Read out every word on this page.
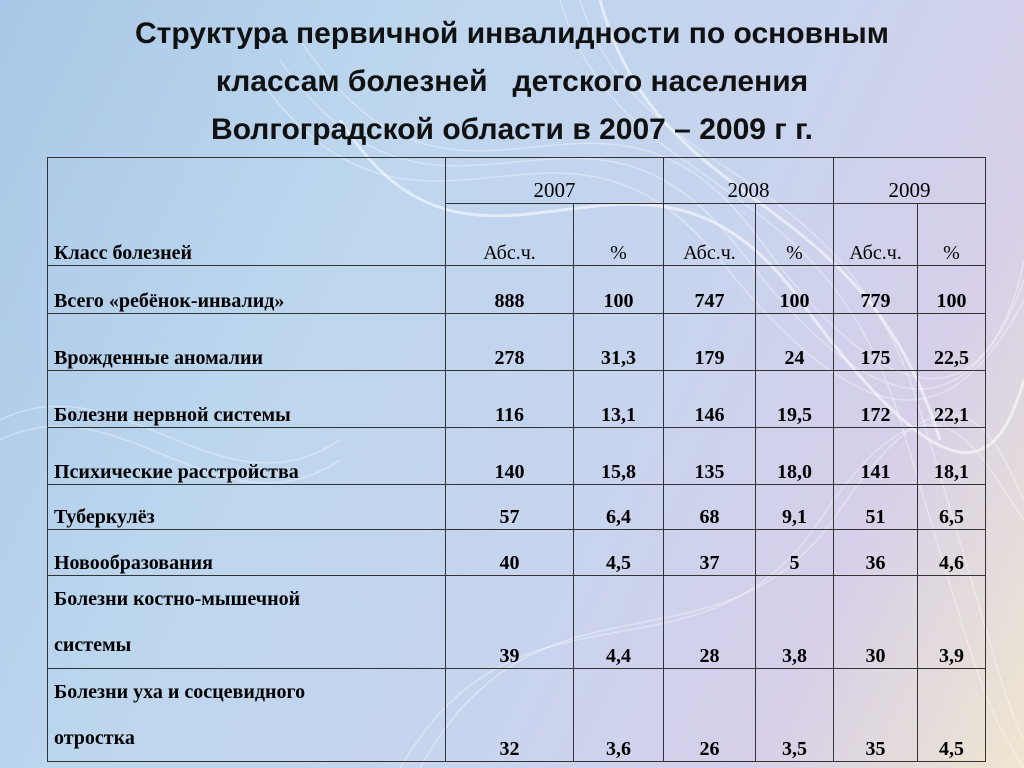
Структура первичной инвалидности по основным
классам болезней   детского населения
Волгоградской области в 2007 – 2009 г г.
Класс болезней	2007		2008		2009	
	Абс.ч.	%	Абс.ч.	%	Абс.ч.	%
Всего «ребёнок-инвалид»	888	100	747	100	779	100
Врожденные аномалии	278	31,3	179	24	175	22,5
Болезни нервной системы	116	13,1	146	19,5	172	22,1
Психические расстройства	140	15,8	135	18,0	141	18,1
Туберкулёз	57	6,4	68	9,1	51	6,5
Новообразования	40	4,5	37	5	36	4,6

Болезни костно-мышечной
системы	39	4,4	28	3,8	30	3,9

Болезни уха и сосцевидного
отростка	32	3,6	26	3,5	35	4,5
